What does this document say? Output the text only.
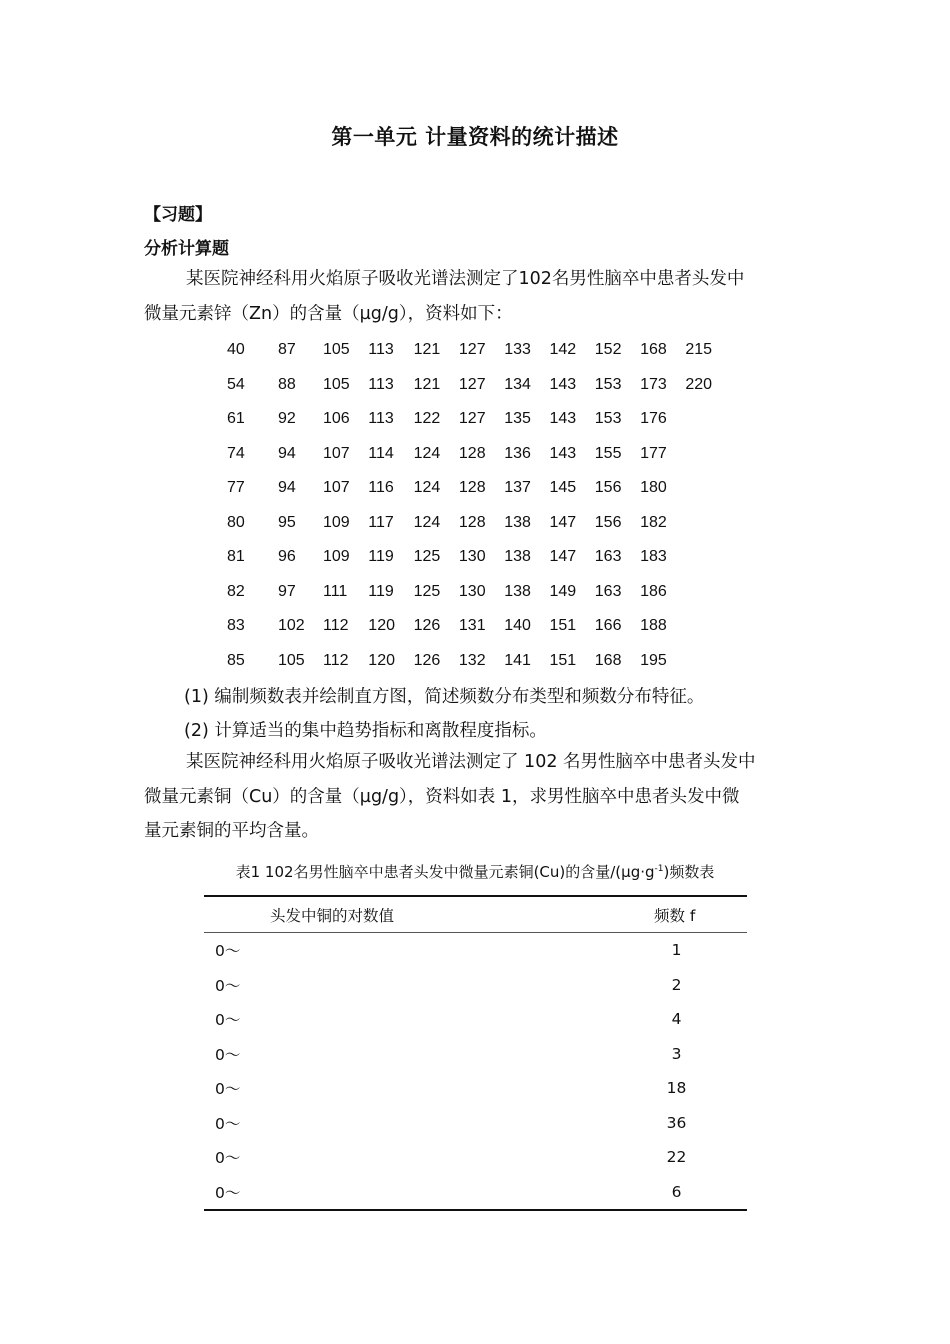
第一单元 计量资料的统计描述
【习题】
分析计算题
某医院神经科用火焰原子吸收光谱法测定了102名男性脑卒中患者头发中
微量元素锌（Zn）的含量（µg/g），资料如下：
40	87	105	113	121	127	133	142	152	168	215
54	88	105	113	121	127	134	143	153	173	220
61	92	106	113	122	127	135	143	153	176	
74	94	107	114	124	128	136	143	155	177	
77	94	107	116	124	128	137	145	156	180	
80	95	109	117	124	128	138	147	156	182	
81	96	109	119	125	130	138	147	163	183	
82	97	111	119	125	130	138	149	163	186	
83	102	112	120	126	131	140	151	166	188	
85	105	112	120	126	132	141	151	168	195	
(1) 编制频数表并绘制直方图，简述频数分布类型和频数分布特征。
(2) 计算适当的集中趋势指标和离散程度指标。
某医院神经科用火焰原子吸收光谱法测定了 102 名男性脑卒中患者头发中
微量元素铜（Cu）的含量（µg/g），资料如表 1，求男性脑卒中患者头发中微
量元素铜的平均含量。
表1 102名男性脑卒中患者头发中微量元素铜(Cu)的含量$/(\mu g\cdot g^{-1})$频数表
头发中铜的对数值	频数 f
0～	1
0～	2
0～	4
0～	3
0～	18
0～	36
0～	22
0～	6
